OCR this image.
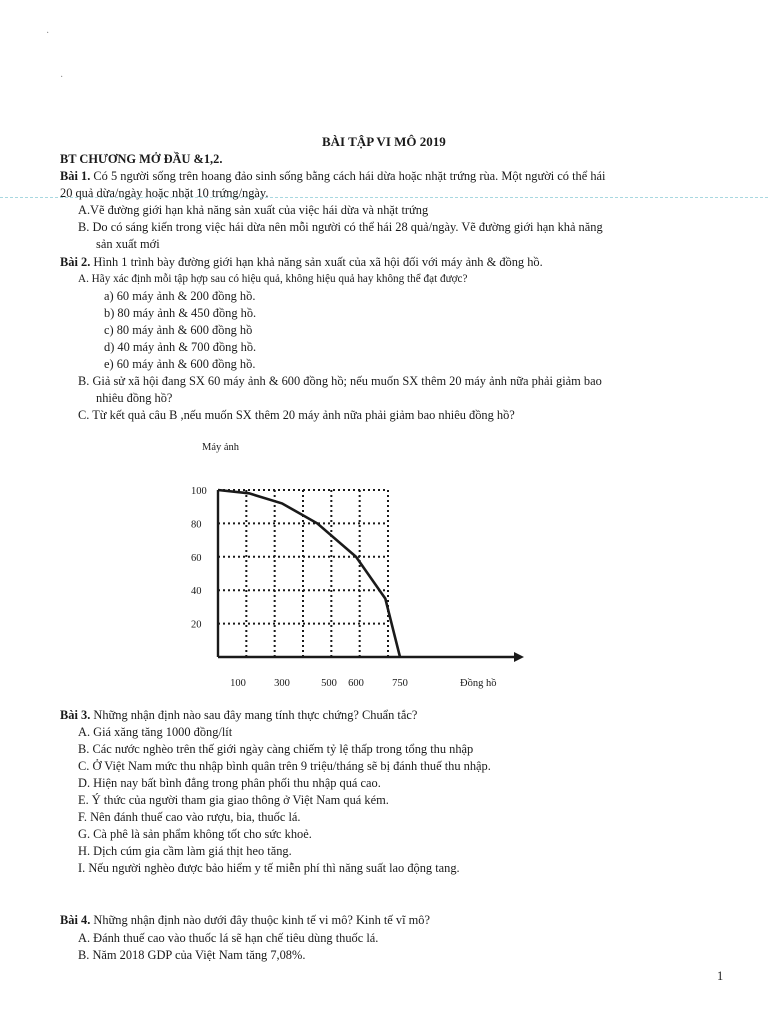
·
·
BÀI TẬP VI MÔ 2019
BT CHƯƠNG MỞ ĐẦU &1,2.
Bài 1. Có 5 người sống trên hoang đảo sinh sống bằng cách hái dừa hoặc nhặt trứng rùa. Một người có thể hái
20 quả dừa/ngày hoặc nhặt 10 trứng/ngày.
A.Vẽ đường giới hạn khả năng sản xuất của việc hái dừa và nhặt trứng
B. Do có sáng kiến trong việc hái dừa nên mỗi người có thể hái 28 quả/ngày. Vẽ đường giới hạn khả năng
sản xuất mới
Bài 2. Hình 1 trình bày đường giới hạn khả năng sản xuất của xã hội đối với máy ảnh & đồng hồ.
A. Hãy xác định mỗi tập hợp sau có hiệu quả, không hiệu quả hay không thể đạt được?
a) 60 máy ảnh & 200 đồng hồ.
b) 80 máy ảnh & 450 đồng hồ.
c) 80 máy ảnh & 600 đồng hồ
d) 40 máy ảnh & 700 đồng hồ.
e) 60 máy ảnh & 600 đồng hồ.
B. Giả sử xã hội đang SX 60 máy ảnh & 600 đồng hồ; nếu muốn SX thêm 20 máy ảnh nữa phải giảm bao
nhiêu đồng hồ?
C. Từ kết quả câu B ,nếu muốn SX thêm 20 máy ảnh nữa phải giảm bao nhiêu đồng hồ?
Máy ảnh
100
80
60
40
20
100	300	500 600	750	Đồng hồ
Bài 3. Những nhận định nào sau đây mang tính thực chứng? Chuẩn tắc?
A. Giá xăng tăng 1000 đồng/lít
B. Các nước nghèo trên thế giới ngày càng chiếm tỷ lệ thấp trong tổng thu nhập
C. Ở Việt Nam mức thu nhập bình quân trên 9 triệu/tháng sẽ bị đánh thuế thu nhập.
D. Hiện nay bất bình đẳng trong phân phối thu nhập quá cao.
E. Ý thức của người tham gia giao thông ở Việt Nam quá kém.
F. Nên đánh thuế cao vào rượu, bia, thuốc lá.
G. Cà phê là sản phẩm không tốt cho sức khoẻ.
H. Dịch cúm gia cầm làm giá thịt heo tăng.
I. Nếu người nghèo được bảo hiểm y tế miễn phí thì năng suất lao động tang.
Bài 4. Những nhận định nào dưới đây thuộc kinh tế vi mô? Kinh tế vĩ mô?
A. Đánh thuế cao vào thuốc lá sẽ hạn chế tiêu dùng thuốc lá.
B. Năm 2018 GDP của Việt Nam tăng 7,08%.
1
